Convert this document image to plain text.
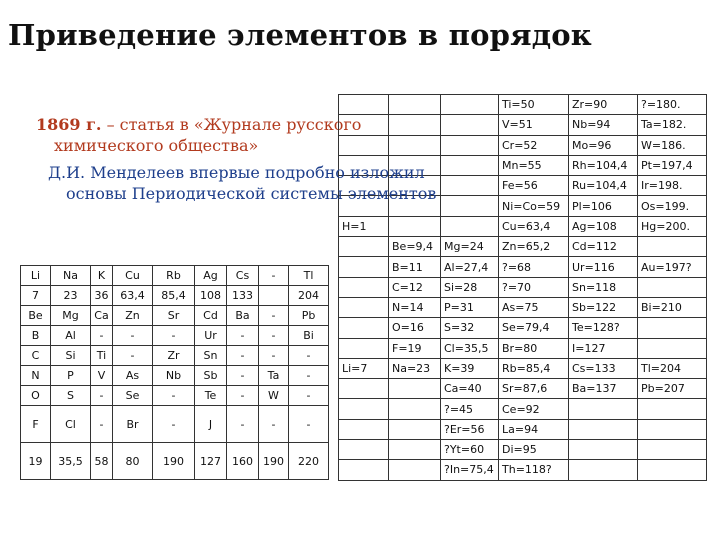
Приведение элементов в порядок
1869 г. – статья в «Журнале русского
химического общества»
			Ti=50	Zr=90	?=180.
			V=51	Nb=94	Ta=182.
			Cr=52	Mo=96	W=186.
			Mn=55	Rh=104,4	Pt=197,4
			Fe=56	Ru=104,4	Ir=198.
			Ni=Co=59	Pl=106	Os=199.
H=1			Cu=63,4	Ag=108	Hg=200.
	Be=9,4	Mg=24	Zn=65,2	Cd=112	
	B=11	Al=27,4	?=68	Ur=116	Au=197?
	C=12	Si=28	?=70	Sn=118	
	N=14	P=31	As=75	Sb=122	Bi=210
	O=16	S=32	Se=79,4	Te=128?	
	F=19	Cl=35,5	Br=80	I=127	
Li=7	Na=23	K=39	Rb=85,4	Cs=133	Tl=204
		Ca=40	Sr=87,6	Ba=137	Pb=207
		?=45	Ce=92		
		?Er=56	La=94		
		?Yt=60	Di=95		
		?In=75,4	Th=118?		
Д.И. Менделеев впервые подробно изложил
основы Периодической системы элементов
Li	Na	K	Cu	Rb	Ag	Cs	-	Tl
7	23	36	63,4	85,4	108	133		204
Be	Mg	Ca	Zn	Sr	Cd	Ba	-	Pb
B	Al	-	-	-	Ur	-	-	Bi
C	Si	Ti	-	Zr	Sn	-	-	-
N	P	V	As	Nb	Sb	-	Ta	-
O	S	-	Se	-	Te	-	W	-
F	Cl	-	Br	-	J	-	-	-
19	35,5	58	80	190	127	160	190	220
